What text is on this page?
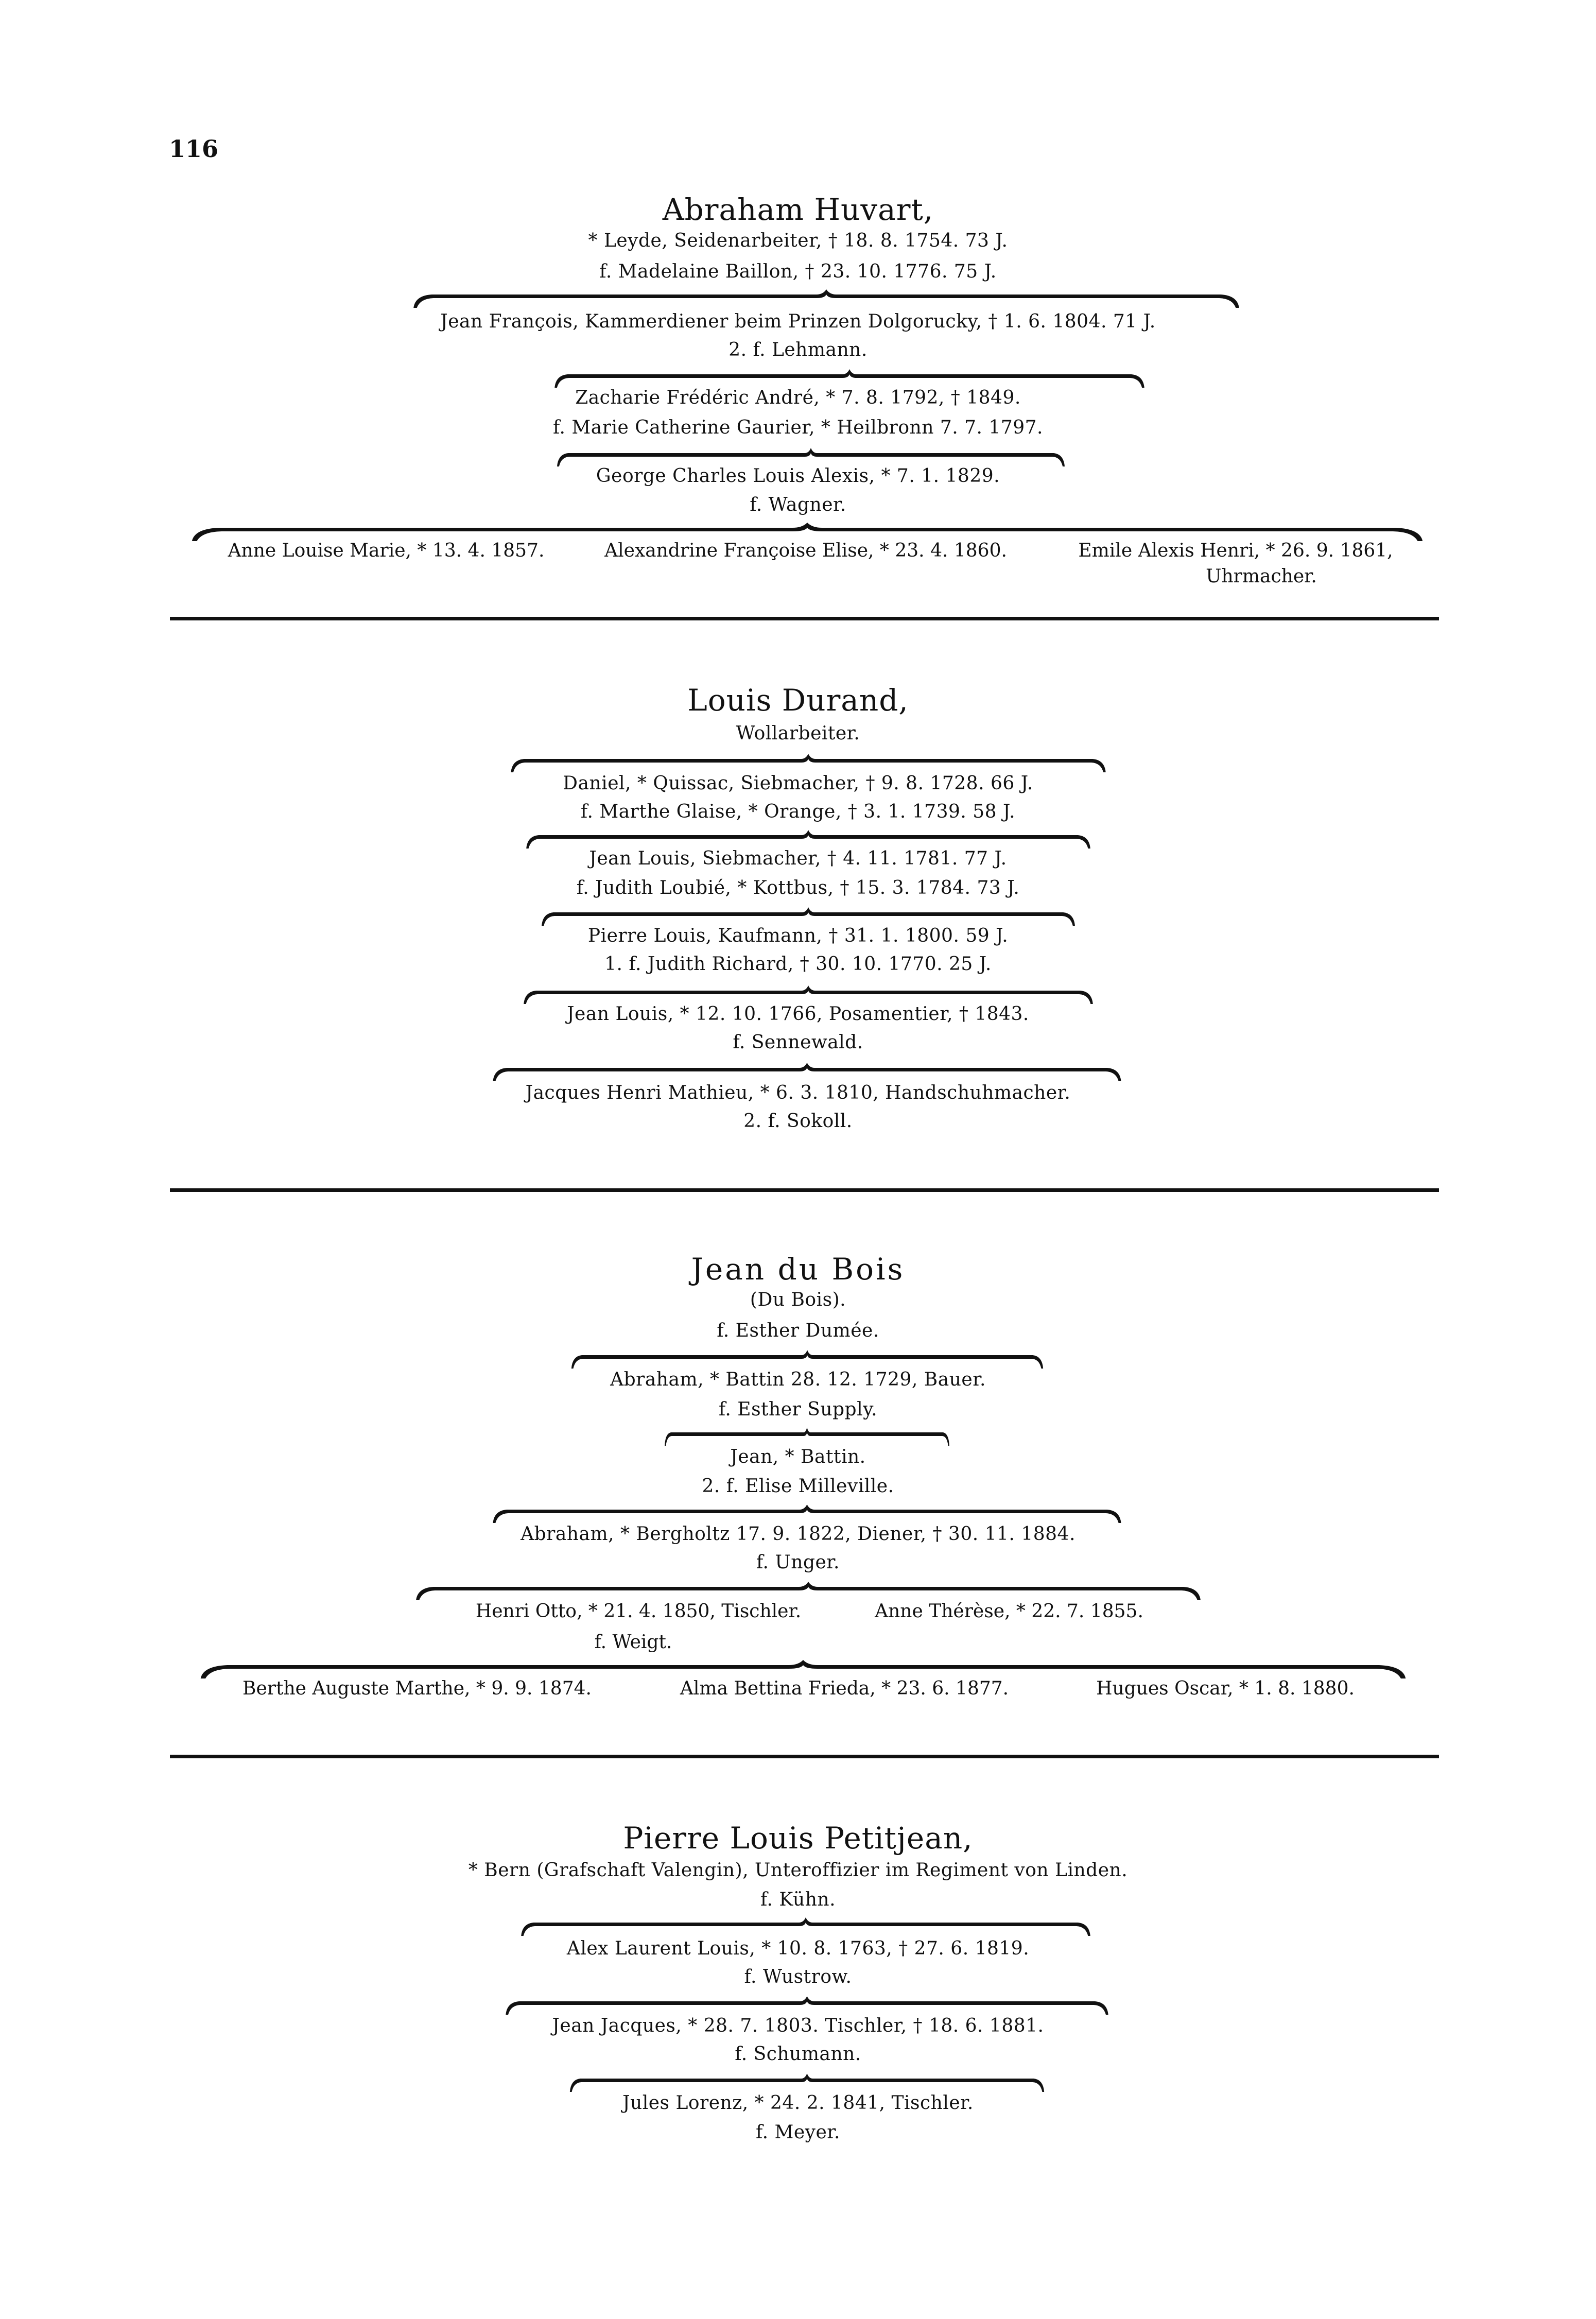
116
Abraham Huvart,
* Leyde, Seidenarbeiter, † 18. 8. 1754. 73 J.
f. Madelaine Baillon, † 23. 10. 1776. 75 J.
Jean François, Kammerdiener beim Prinzen Dolgorucky, † 1. 6. 1804. 71 J.
2. f. Lehmann.
Zacharie Frédéric André, * 7. 8. 1792, † 1849.
f. Marie Catherine Gaurier, * Heilbronn 7. 7. 1797.
George Charles Louis Alexis, * 7. 1. 1829.
f. Wagner.
Anne Louise Marie, * 13. 4. 1857.	Alexandrine Françoise Elise, * 23. 4. 1860.	Emile Alexis Henri, * 26. 9. 1861,
Uhrmacher.
Louis Durand,
Wollarbeiter.
Daniel, * Quissac, Siebmacher, † 9. 8. 1728. 66 J.
f. Marthe Glaise, * Orange, † 3. 1. 1739. 58 J.
Jean Louis, Siebmacher, † 4. 11. 1781. 77 J.
f. Judith Loubié, * Kottbus, † 15. 3. 1784. 73 J.
Pierre Louis, Kaufmann, † 31. 1. 1800. 59 J.
1. f. Judith Richard, † 30. 10. 1770. 25 J.
Jean Louis, * 12. 10. 1766, Posamentier, † 1843.
f. Sennewald.
Jacques Henri Mathieu, * 6. 3. 1810, Handschuhmacher.
2. f. Sokoll.
Jean du Bois
(Du Bois).
f. Esther Dumée.
Abraham, * Battin 28. 12. 1729, Bauer.
f. Esther Supply.
Jean, * Battin.
2. f. Elise Milleville.
Abraham, * Bergholtz 17. 9. 1822, Diener, † 30. 11. 1884.
f. Unger.
Henri Otto, * 21. 4. 1850, Tischler.	Anne Thérèse, * 22. 7. 1855.
f. Weigt.
Berthe Auguste Marthe, * 9. 9. 1874.	Alma Bettina Frieda, * 23. 6. 1877.	Hugues Oscar, * 1. 8. 1880.
Pierre Louis Petitjean,
* Bern (Grafschaft Valengin), Unteroffizier im Regiment von Linden.
f. Kühn.
Alex Laurent Louis, * 10. 8. 1763, † 27. 6. 1819.
f. Wustrow.
Jean Jacques, * 28. 7. 1803. Tischler, † 18. 6. 1881.
f. Schumann.
Jules Lorenz, * 24. 2. 1841, Tischler.
f. Meyer.
